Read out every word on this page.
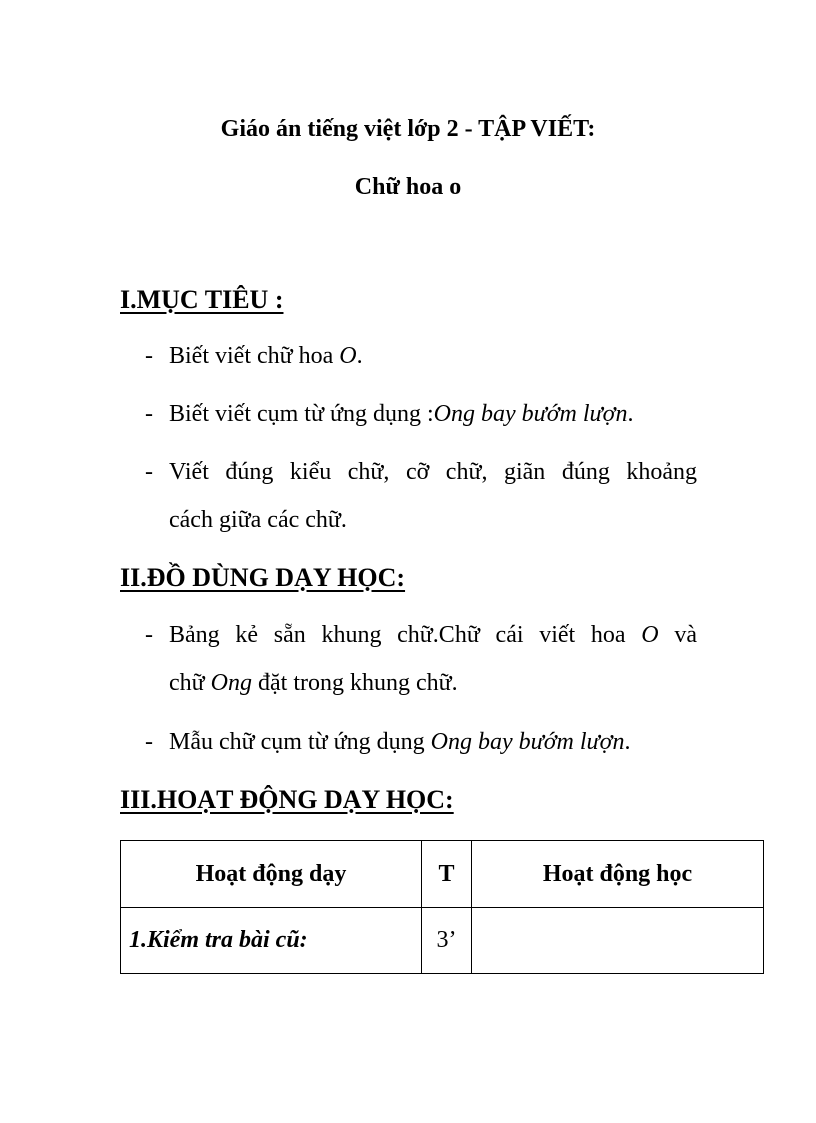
Giáo án tiếng việt lớp 2 - TẬP VIẾT:
Chữ hoa o
I.MỤC TIÊU :
- Biết viết chữ hoa O.
- Biết viết cụm từ ứng dụng :Ong bay bướm lượn.
- Viết đúng kiểu chữ, cỡ chữ, giãn đúng khoảng
cách giữa các chữ.
II.ĐỒ DÙNG DẠY HỌC:
- Bảng kẻ sẵn khung chữ.Chữ cái viết hoa O và
chữ Ong đặt trong khung chữ.
- Mẫu chữ cụm từ ứng dụng Ong bay bướm lượn.
III.HOẠT ĐỘNG DẠY HỌC:
Hoạt động dạy	T	Hoạt động học
1.Kiểm tra bài cũ:	3’	
